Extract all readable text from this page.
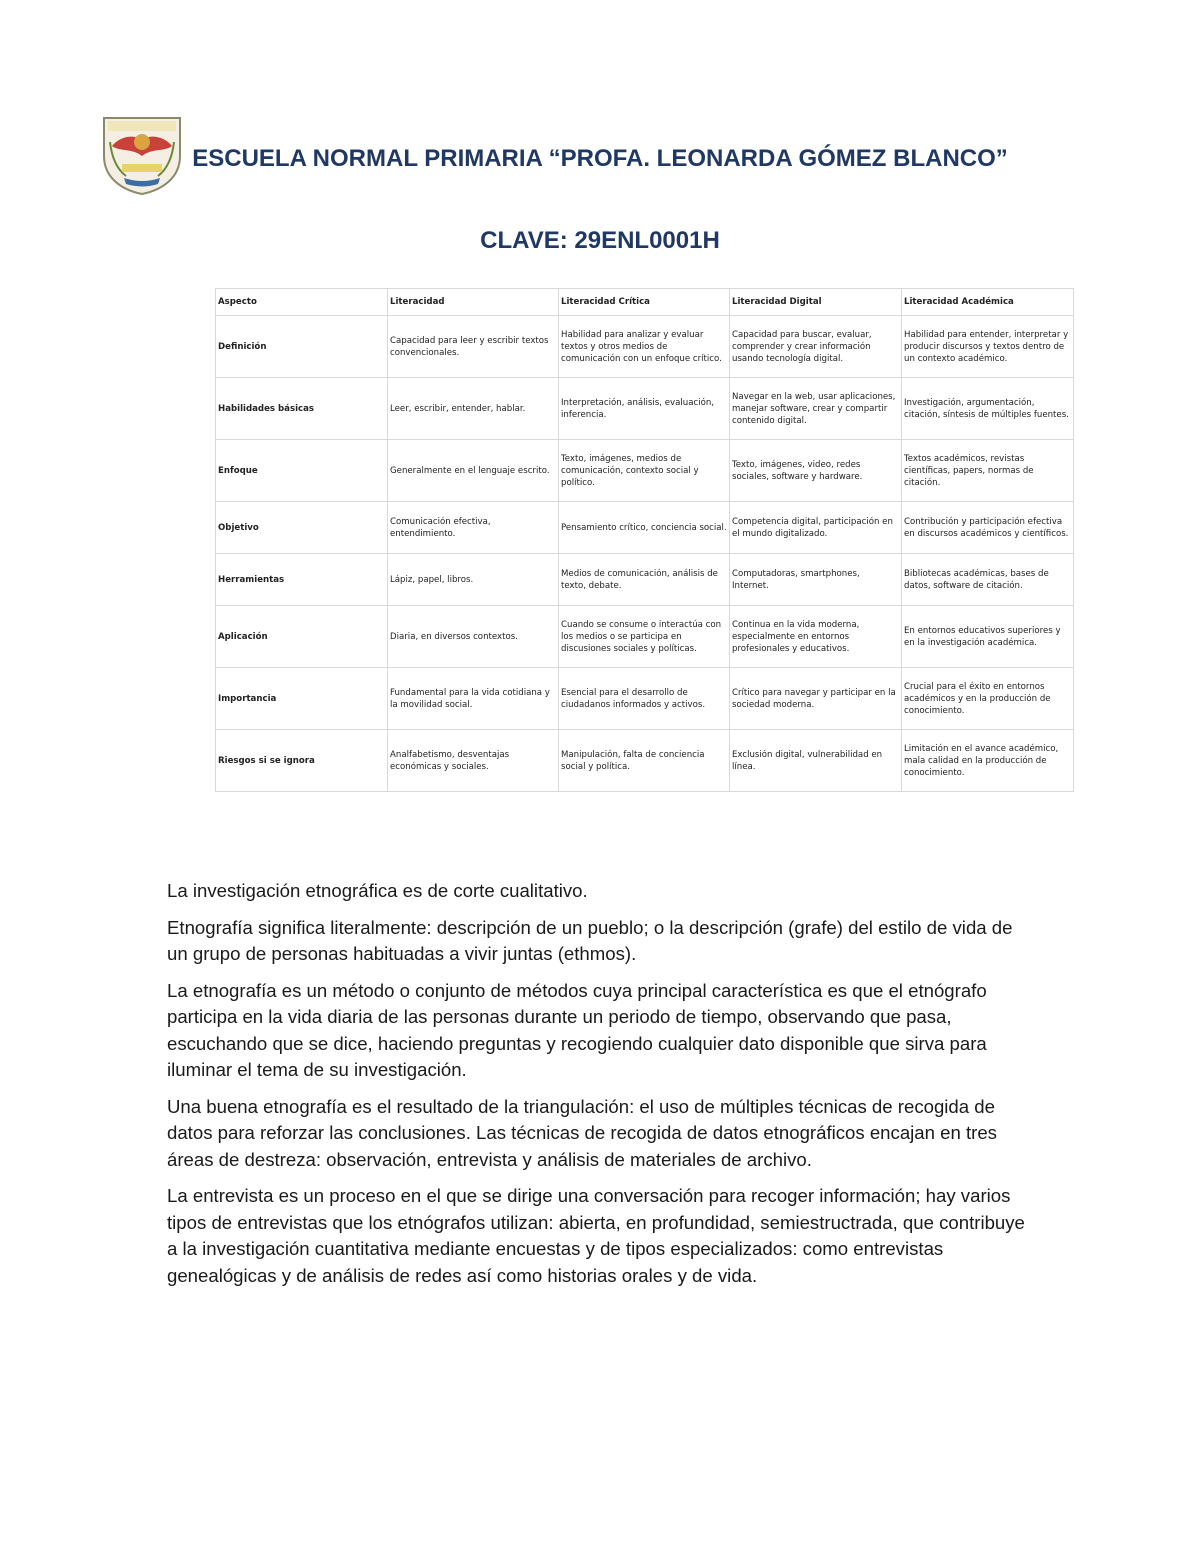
ESCUELA NORMAL PRIMARIA “PROFA. LEONARDA GÓMEZ BLANCO”
CLAVE: 29ENL0001H
Aspecto	Literacidad	Literacidad Crítica	Literacidad Digital	Literacidad Académica
Definición	Capacidad para leer y escribir textos convencionales.	Habilidad para analizar y evaluar textos y otros medios de comunicación con un enfoque crítico.	Capacidad para buscar, evaluar, comprender y crear información usando tecnología digital.	Habilidad para entender, interpretar y producir discursos y textos dentro de un contexto académico.
Habilidades básicas	Leer, escribir, entender, hablar.	Interpretación, análisis, evaluación, inferencia.	Navegar en la web, usar aplicaciones, manejar software, crear y compartir contenido digital.	Investigación, argumentación, citación, síntesis de múltiples fuentes.
Enfoque	Generalmente en el lenguaje escrito.	Texto, imágenes, medios de comunicación, contexto social y político.	Texto, imágenes, video, redes sociales, software y hardware.	Textos académicos, revistas científicas, papers, normas de citación.
Objetivo	Comunicación efectiva, entendimiento.	Pensamiento crítico, conciencia social.	Competencia digital, participación en el mundo digitalizado.	Contribución y participación efectiva en discursos académicos y científicos.
Herramientas	Lápiz, papel, libros.	Medios de comunicación, análisis de texto, debate.	Computadoras, smartphones, Internet.	Bibliotecas académicas, bases de datos, software de citación.
Aplicación	Diaria, en diversos contextos.	Cuando se consume o interactúa con los medios o se participa en discusiones sociales y políticas.	Continua en la vida moderna, especialmente en entornos profesionales y educativos.	En entornos educativos superiores y en la investigación académica.
Importancia	Fundamental para la vida cotidiana y la movilidad social.	Esencial para el desarrollo de ciudadanos informados y activos.	Crítico para navegar y participar en la sociedad moderna.	Crucial para el éxito en entornos académicos y en la producción de conocimiento.
Riesgos si se ignora	Analfabetismo, desventajas económicas y sociales.	Manipulación, falta de conciencia social y política.	Exclusión digital, vulnerabilidad en línea.	Limitación en el avance académico, mala calidad en la producción de conocimiento.

La investigación etnográfica es de corte cualitativo.

Etnografía significa literalmente: descripción de un pueblo; o la descripción (grafe) del estilo de vida de un grupo de personas habituadas a vivir juntas (ethmos).

La etnografía es un método o conjunto de métodos cuya principal característica es que el etnógrafo participa en la vida diaria de las personas durante un periodo de tiempo, observando que pasa, escuchando que se dice, haciendo preguntas y recogiendo cualquier dato disponible que sirva para iluminar el tema de su investigación.

Una buena etnografía es el resultado de la triangulación: el uso de múltiples técnicas de recogida de datos para reforzar las conclusiones. Las técnicas de recogida de datos etnográficos encajan en tres áreas de destreza: observación, entrevista y análisis de materiales de archivo.

La entrevista es un proceso en el que se dirige una conversación para recoger información; hay varios tipos de entrevistas que los etnógrafos utilizan: abierta, en profundidad, semiestructrada, que contribuye a la investigación cuantitativa mediante encuestas y de tipos especializados: como entrevistas genealógicas y de análisis de redes así como historias orales y de vida.
